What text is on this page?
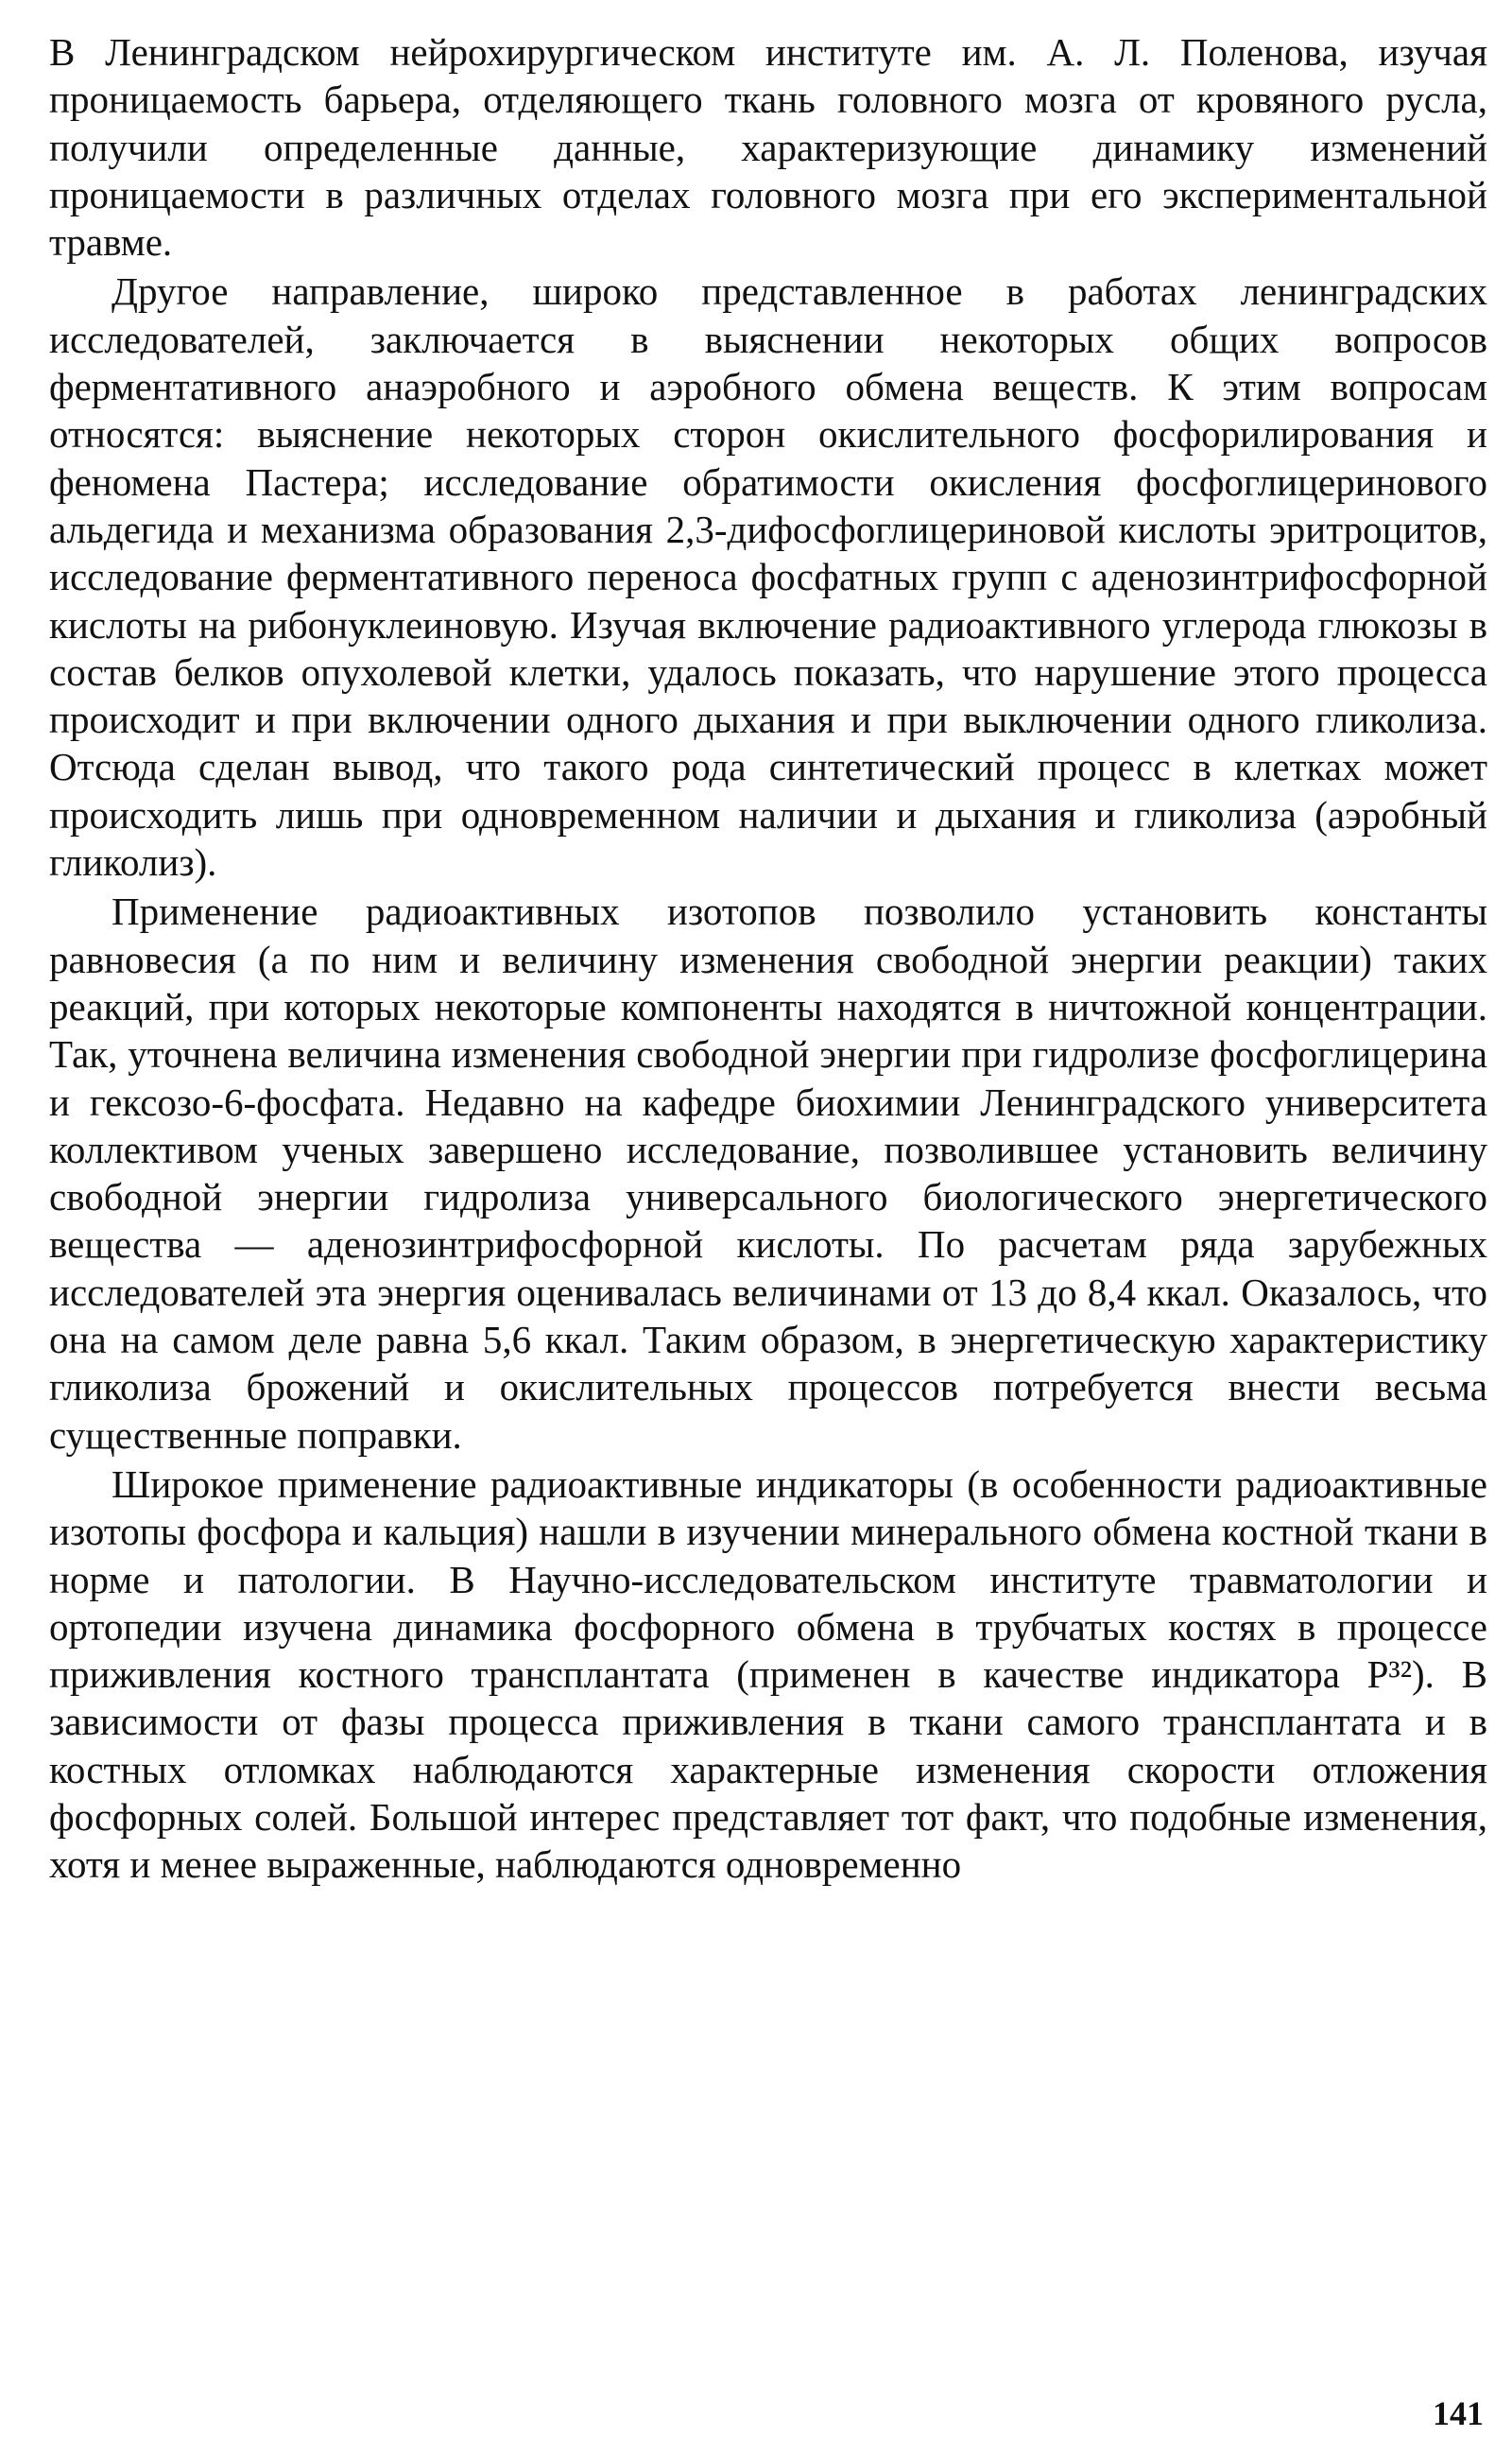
В Ленинградском нейрохирургическом институте им. А. Л. Поленова, изучая проницаемость барьера, отделяющего ткань головного мозга от кровяного русла, получили определенные данные, характеризующие динамику изменений проницаемости в различных отделах головного мозга при его экспериментальной травме.

Другое направление, широко представленное в работах ленинградских исследователей, заключается в выяснении некоторых общих вопросов ферментативного анаэробного и аэробного обмена веществ. К этим вопросам относятся: выяснение некоторых сторон окислительного фосфорилирования и феномена Пастера; исследование обратимости окисления фосфоглицеринового альдегида и механизма образования 2,3-дифосфоглицериновой кислоты эритроцитов, исследование ферментативного переноса фосфатных групп с аденозинтрифосфорной кислоты на рибонуклеиновую. Изучая включение радиоактивного углерода глюкозы в состав белков опухолевой клетки, удалось показать, что нарушение этого процесса происходит и при включении одного дыхания и при выключении одного гликолиза. Отсюда сделан вывод, что такого рода синтетический процесс в клетках может происходить лишь при одновременном наличии и дыхания и гликолиза (аэробный гликолиз).

Применение радиоактивных изотопов позволило установить константы равновесия (а по ним и величину изменения свободной энергии реакции) таких реакций, при которых некоторые компоненты находятся в ничтожной концентрации. Так, уточнена величина изменения свободной энергии при гидролизе фосфоглицерина и гексозо-6-фосфата. Недавно на кафедре биохимии Ленинградского университета коллективом ученых завершено исследование, позволившее установить величину свободной энергии гидролиза универсального биологического энергетического вещества — аденозинтрифосфорной кислоты. По расчетам ряда зарубежных исследователей эта энергия оценивалась величинами от 13 до 8,4 ккал. Оказалось, что она на самом деле равна 5,6 ккал. Таким образом, в энергетическую характеристику гликолиза брожений и окислительных процессов потребуется внести весьма существенные поправки.

Широкое применение радиоактивные индикаторы (в особенности радиоактивные изотопы фосфора и кальция) нашли в изучении минерального обмена костной ткани в норме и патологии. В Научно-исследовательском институте травматологии и ортопедии изучена динамика фосфорного обмена в трубчатых костях в процессе приживления костного трансплантата (применен в качестве индикатора P³²). В зависимости от фазы процесса приживления в ткани самого трансплантата и в костных отломках наблюдаются характерные изменения скорости отложения фосфорных солей. Большой интерес представляет тот факт, что подобные изменения, хотя и менее выраженные, наблюдаются одновременно

141
